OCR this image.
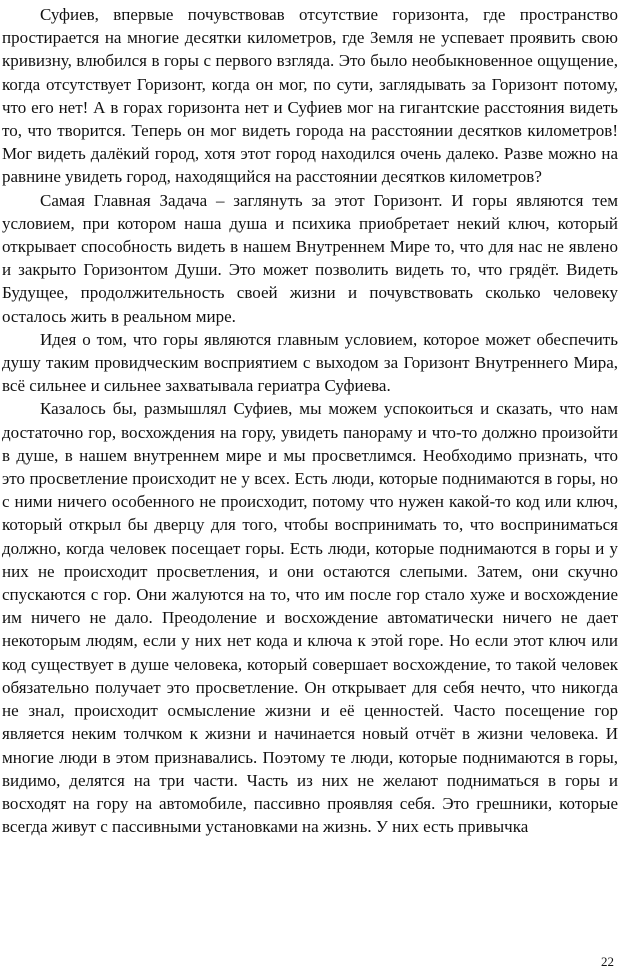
Суфиев, впервые почувствовав отсутствие горизонта, где пространство простирается на многие десятки километров, где Земля не успевает проявить свою кривизну, влюбился в горы с первого взгляда. Это было необыкновенное ощущение, когда отсутствует Горизонт, когда он мог, по сути, заглядывать за Горизонт потому, что его нет! А в горах горизонта нет и Суфиев мог на гигантские расстояния видеть то, что творится. Теперь он мог видеть города на расстоянии десятков километров! Мог видеть далёкий город, хотя этот город находился очень далеко. Разве можно на равнине увидеть город, находящийся на расстоянии десятков километров?

Самая Главная Задача – заглянуть за этот Горизонт. И горы являются тем условием, при котором наша душа и психика приобретает некий ключ, который открывает способность видеть в нашем Внутреннем Мире то, что для нас не явлено и закрыто Горизонтом Души. Это может позволить видеть то, что грядёт. Видеть Будущее, продолжительность своей жизни и почувствовать сколько человеку осталось жить в реальном мире.

Идея о том, что горы являются главным условием, которое может обеспечить душу таким провидческим восприятием с выходом за Горизонт Внутреннего Мира, всё сильнее и сильнее захватывала гериатра Суфиева.

Казалось бы, размышлял Суфиев, мы можем успокоиться и сказать, что нам достаточно гор, восхождения на гору, увидеть панораму и что-то должно произойти в душе, в нашем внутреннем мире и мы просветлимся. Необходимо признать, что это просветление происходит не у всех. Есть люди, которые поднимаются в горы, но с ними ничего особенного не происходит, потому что нужен какой-то код или ключ, который открыл бы дверцу для того, чтобы воспринимать то, что восприниматься должно, когда человек посещает горы. Есть люди, которые поднимаются в горы и у них не происходит просветления, и они остаются слепыми. Затем, они скучно спускаются с гор. Они жалуются на то, что им после гор стало хуже и восхождение им ничего не дало. Преодоление и восхождение автоматически ничего не дает некоторым людям, если у них нет кода и ключа к этой горе. Но если этот ключ или код существует в душе человека, который совершает восхождение, то такой человек обязательно получает это просветление. Он открывает для себя нечто, что никогда не знал, происходит осмысление жизни и её ценностей. Часто посещение гор является неким толчком к жизни и начинается новый отчёт в жизни человека. И многие люди в этом признавались. Поэтому те люди, которые поднимаются в горы, видимо, делятся на три части. Часть из них не желают подниматься в горы и восходят на гору на автомобиле, пассивно проявляя себя. Это грешники, которые всегда живут с пассивными установками на жизнь. У них есть привычка

22
